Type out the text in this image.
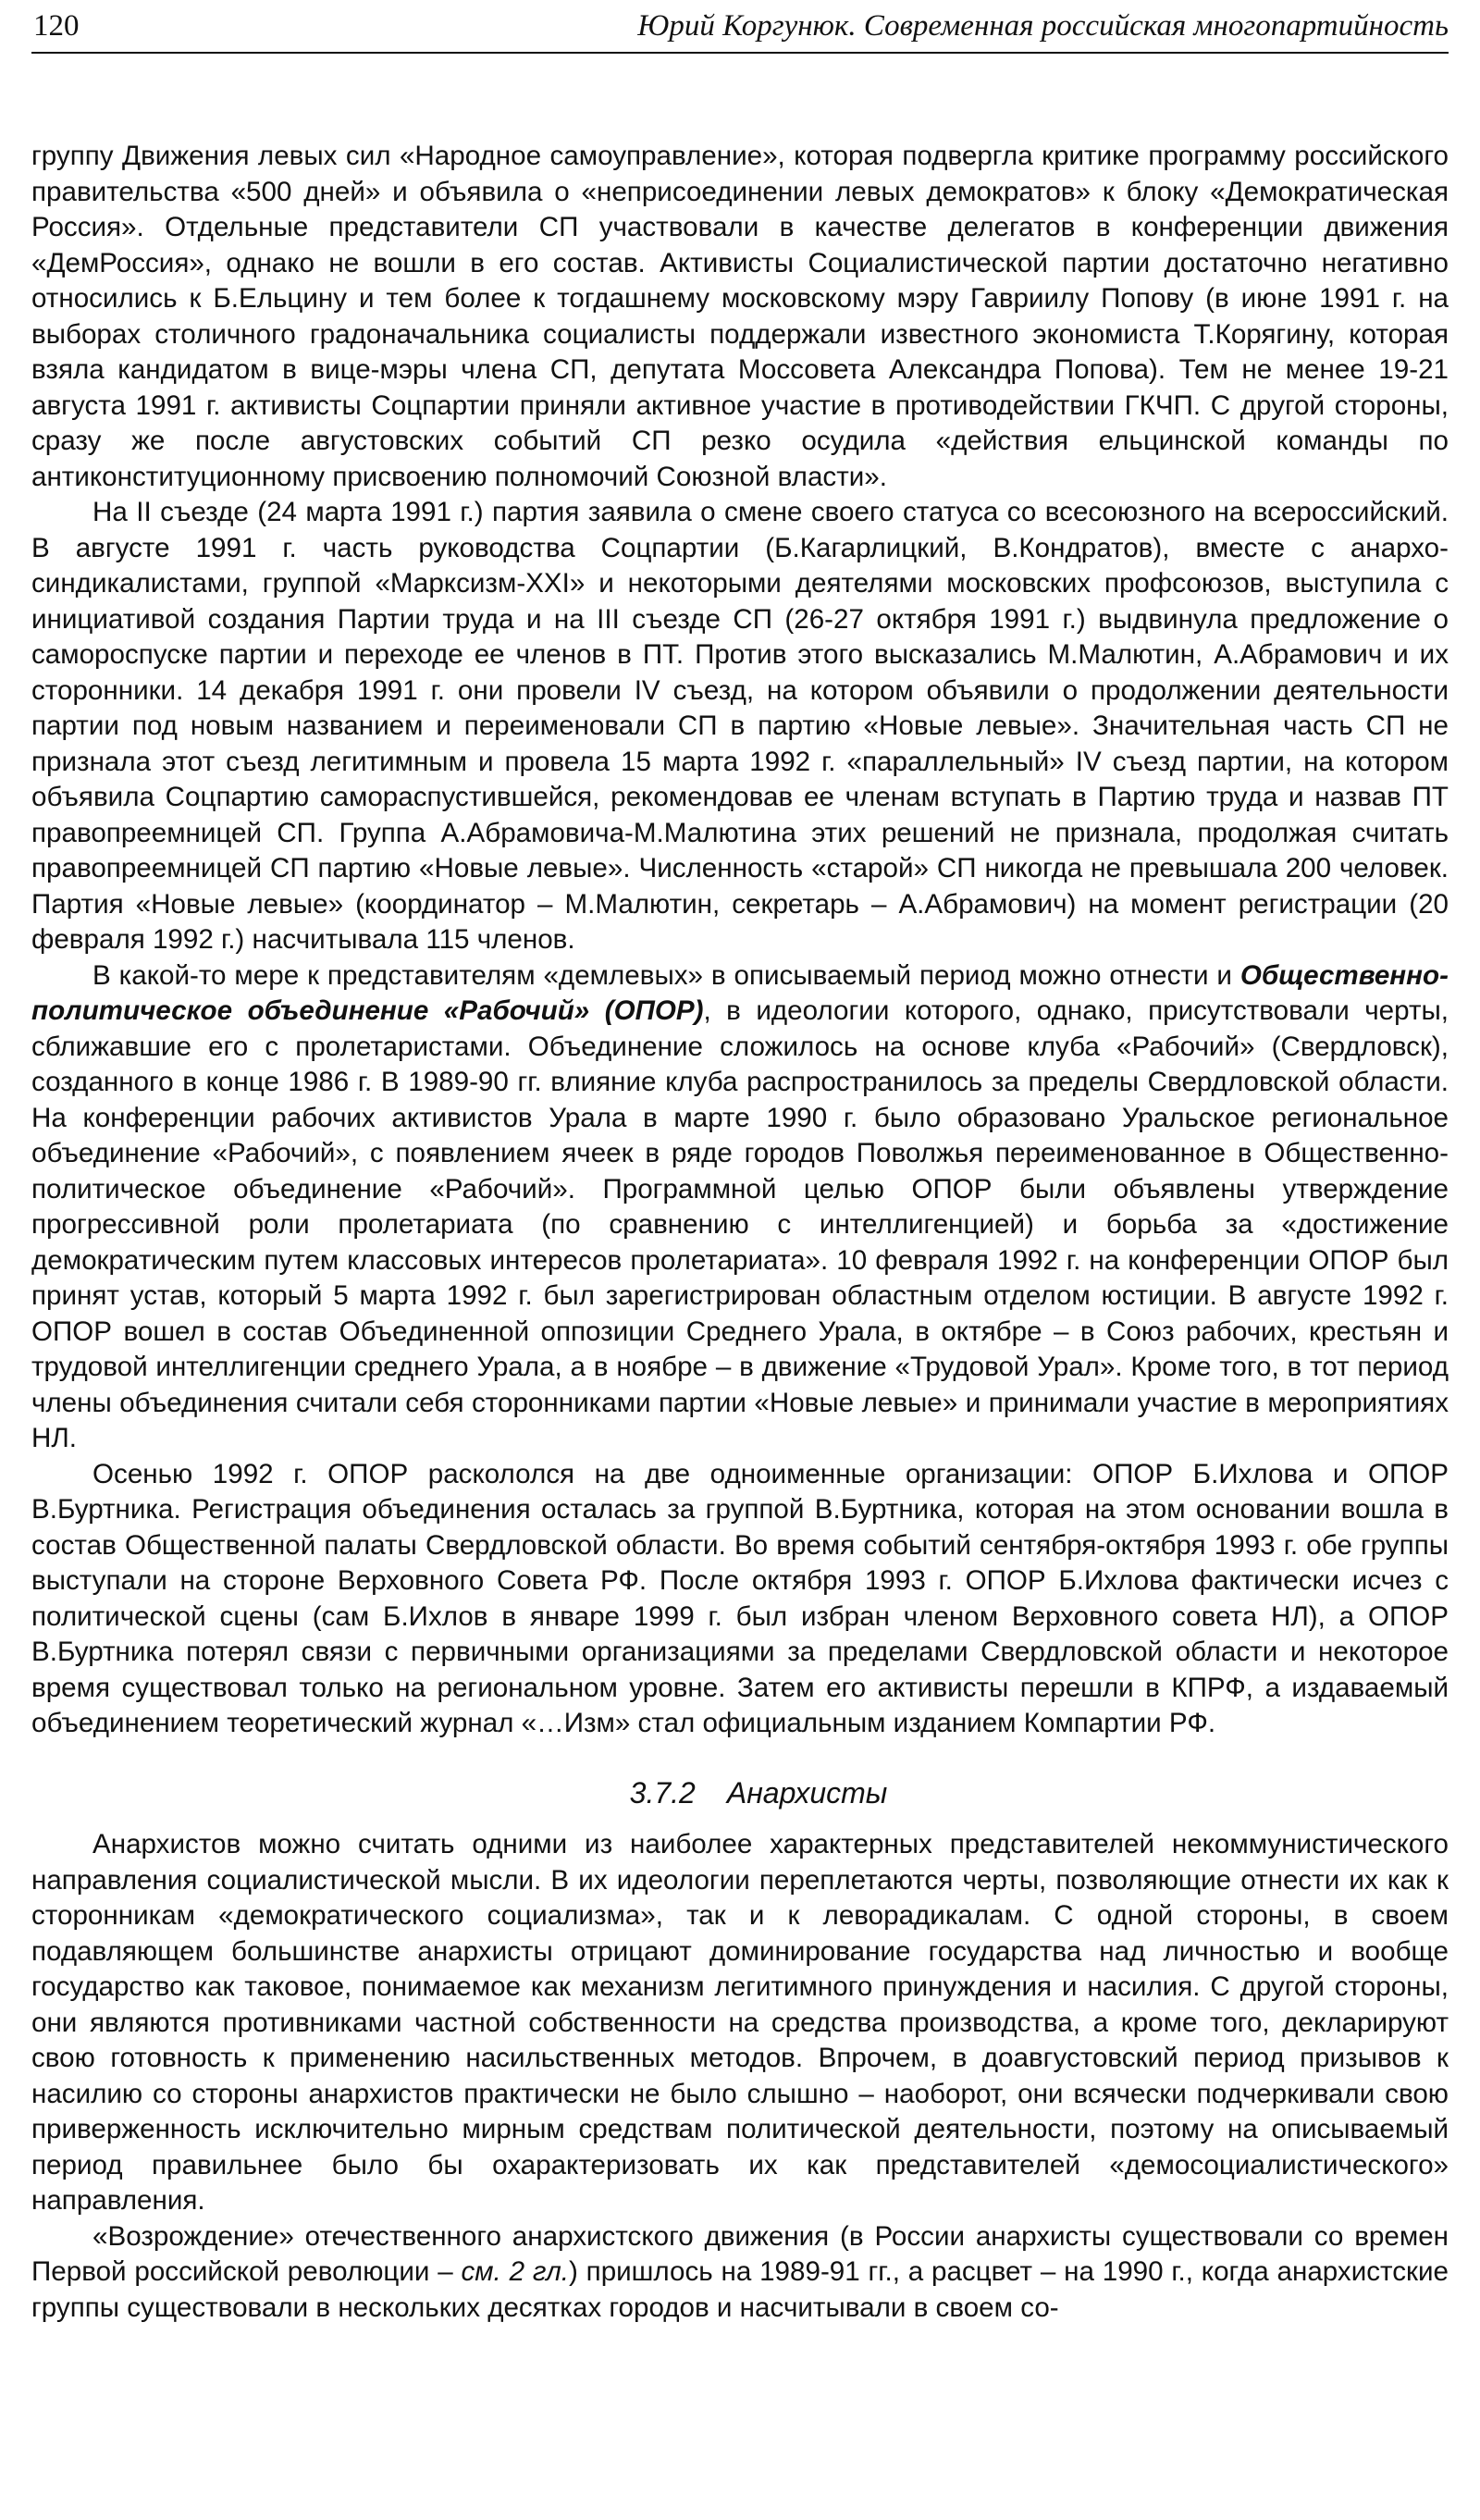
120	Юрий Коргунюк. Современная российская многопартийность

группу Движения левых сил «Народное самоуправление», которая подвергла критике программу российского правительства «500 дней» и объявила о «неприсоединении левых демократов» к блоку «Демократическая Россия». Отдельные представители СП участвовали в качестве делегатов в конференции движения «ДемРоссия», однако не вошли в его состав. Активисты Социалистической партии достаточно негативно относились к Б.Ельцину и тем более к тогдашнему московскому мэру Гавриилу Попову (в июне 1991 г. на выборах столичного градоначальника социалисты поддержали известного экономиста Т.Корягину, которая взяла кандидатом в вице-мэры члена СП, депутата Моссовета Александра Попова). Тем не менее 19-21 августа 1991 г. активисты Соцпартии приняли активное участие в противодействии ГКЧП. С другой стороны, сразу же после августовских событий СП резко осудила «действия ельцинской команды по антиконституционному присвоению полномочий Союзной власти».

На II съезде (24 марта 1991 г.) партия заявила о смене своего статуса со всесоюзного на всероссийский. В августе 1991 г. часть руководства Соцпартии (Б.Кагарлицкий, В.Кондратов), вместе с анархо-синдикалистами, группой «Марксизм-XXI» и некоторыми деятелями московских профсоюзов, выступила с инициативой создания Партии труда и на III съезде СП (26-27 октября 1991 г.) выдвинула предложение о самороспуске партии и переходе ее членов в ПТ. Против этого высказались М.Малютин, А.Абрамович и их сторонники. 14 декабря 1991 г. они провели IV съезд, на котором объявили о продолжении деятельности партии под новым названием и переименовали СП в партию «Новые левые». Значительная часть СП не признала этот съезд легитимным и провела 15 марта 1992 г. «параллельный» IV съезд партии, на котором объявила Соцпартию самораспустившейся, рекомендовав ее членам вступать в Партию труда и назвав ПТ правопреемницей СП. Группа А.Абрамовича-М.Малютина этих решений не признала, продолжая считать правопреемницей СП партию «Новые левые». Численность «старой» СП никогда не превышала 200 человек. Партия «Новые левые» (координатор – М.Малютин, секретарь – А.Абрамович) на момент регистрации (20 февраля 1992 г.) насчитывала 115 членов.

В какой-то мере к представителям «демлевых» в описываемый период можно отнести и Общественно-политическое объединение «Рабочий» (ОПОР), в идеологии которого, однако, присутствовали черты, сближавшие его с пролетаристами. Объединение сложилось на основе клуба «Рабочий» (Свердловск), созданного в конце 1986 г. В 1989-90 гг. влияние клуба распространилось за пределы Свердловской области. На конференции рабочих активистов Урала в марте 1990 г. было образовано Уральское региональное объединение «Рабочий», с появлением ячеек в ряде городов Поволжья переименованное в Общественно-политическое объединение «Рабочий». Программной целью ОПОР были объявлены утверждение прогрессивной роли пролетариата (по сравнению с интеллигенцией) и борьба за «достижение демократическим путем классовых интересов пролетариата». 10 февраля 1992 г. на конференции ОПОР был принят устав, который 5 марта 1992 г. был зарегистрирован областным отделом юстиции. В августе 1992 г. ОПОР вошел в состав Объединенной оппозиции Среднего Урала, в октябре – в Союз рабочих, крестьян и трудовой интеллигенции среднего Урала, а в ноябре – в движение «Трудовой Урал». Кроме того, в тот период члены объединения считали себя сторонниками партии «Новые левые» и принимали участие в мероприятиях НЛ.

Осенью 1992 г. ОПОР раскололся на две одноименные организации: ОПОР Б.Ихлова и ОПОР В.Буртника. Регистрация объединения осталась за группой В.Буртника, которая на этом основании вошла в состав Общественной палаты Свердловской области. Во время событий сентября-октября 1993 г. обе группы выступали на стороне Верховного Совета РФ. После октября 1993 г. ОПОР Б.Ихлова фактически исчез с политической сцены (сам Б.Ихлов в январе 1999 г. был избран членом Верховного совета НЛ), а ОПОР В.Буртника потерял связи с первичными организациями за пределами Свердловской области и некоторое время существовал только на региональном уровне. Затем его активисты перешли в КПРФ, а издаваемый объединением теоретический журнал «…Изм» стал официальным изданием Компартии РФ.

3.7.2 Анархисты

Анархистов можно считать одними из наиболее характерных представителей некоммунистического направления социалистической мысли. В их идеологии переплетаются черты, позволяющие отнести их как к сторонникам «демократического социализма», так и к леворадикалам. С одной стороны, в своем подавляющем большинстве анархисты отрицают доминирование государства над личностью и вообще государство как таковое, понимаемое как механизм легитимного принуждения и насилия. С другой стороны, они являются противниками частной собственности на средства производства, а кроме того, декларируют свою готовность к применению насильственных методов. Впрочем, в доавгустовский период призывов к насилию со стороны анархистов практически не было слышно – наоборот, они всячески подчеркивали свою приверженность исключительно мирным средствам политической деятельности, поэтому на описываемый период правильнее было бы охарактеризовать их как представителей «демосоциалистического» направления.

«Возрождение» отечественного анархистского движения (в России анархисты существовали со времен Первой российской революции – см. 2 гл.) пришлось на 1989-91 гг., а расцвет – на 1990 г., когда анархистские группы существовали в нескольких десятках городов и насчитывали в своем со-
